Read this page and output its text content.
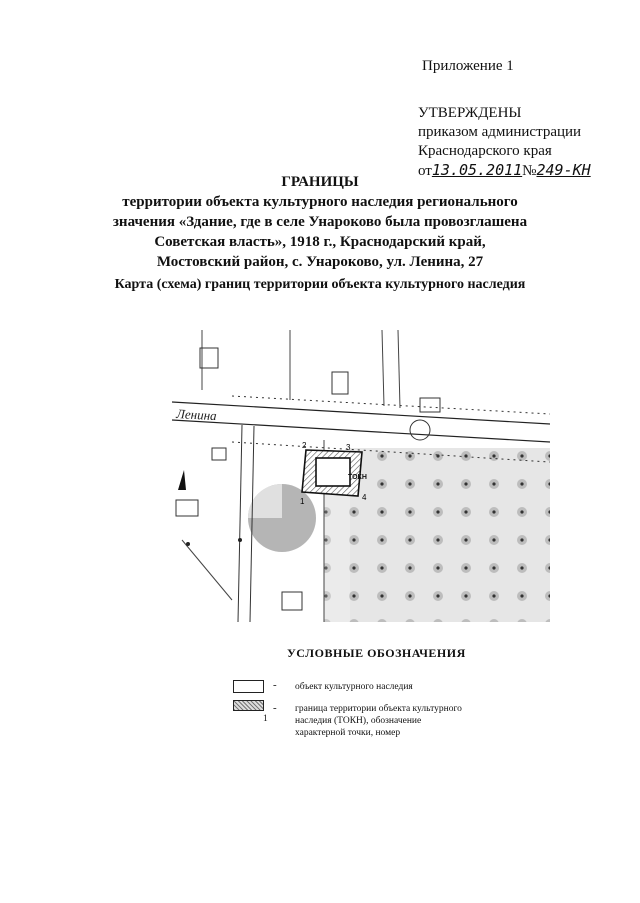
Приложение 1
УТВЕРЖДЕНЫ
приказом администрации
Краснодарского края
от13.05.2011№249-КН
ГРАНИЦЫ
территории объекта культурного наследия регионального
значения «Здание, где в селе Унароково была провозглашена
Советская власть», 1918 г., Краснодарский край,
Мостовский район, с. Унароково, ул. Ленина, 27
Карта (схема) границ территории объекта культурного наследия
Ленина
ТОКН
1
2	3
4
УСЛОВНЫЕ ОБОЗНАЧЕНИЯ
- объект культурного наследия
1
- граница территории объекта культурного
наследия (ТОКН), обозначение
характерной точки, номер
